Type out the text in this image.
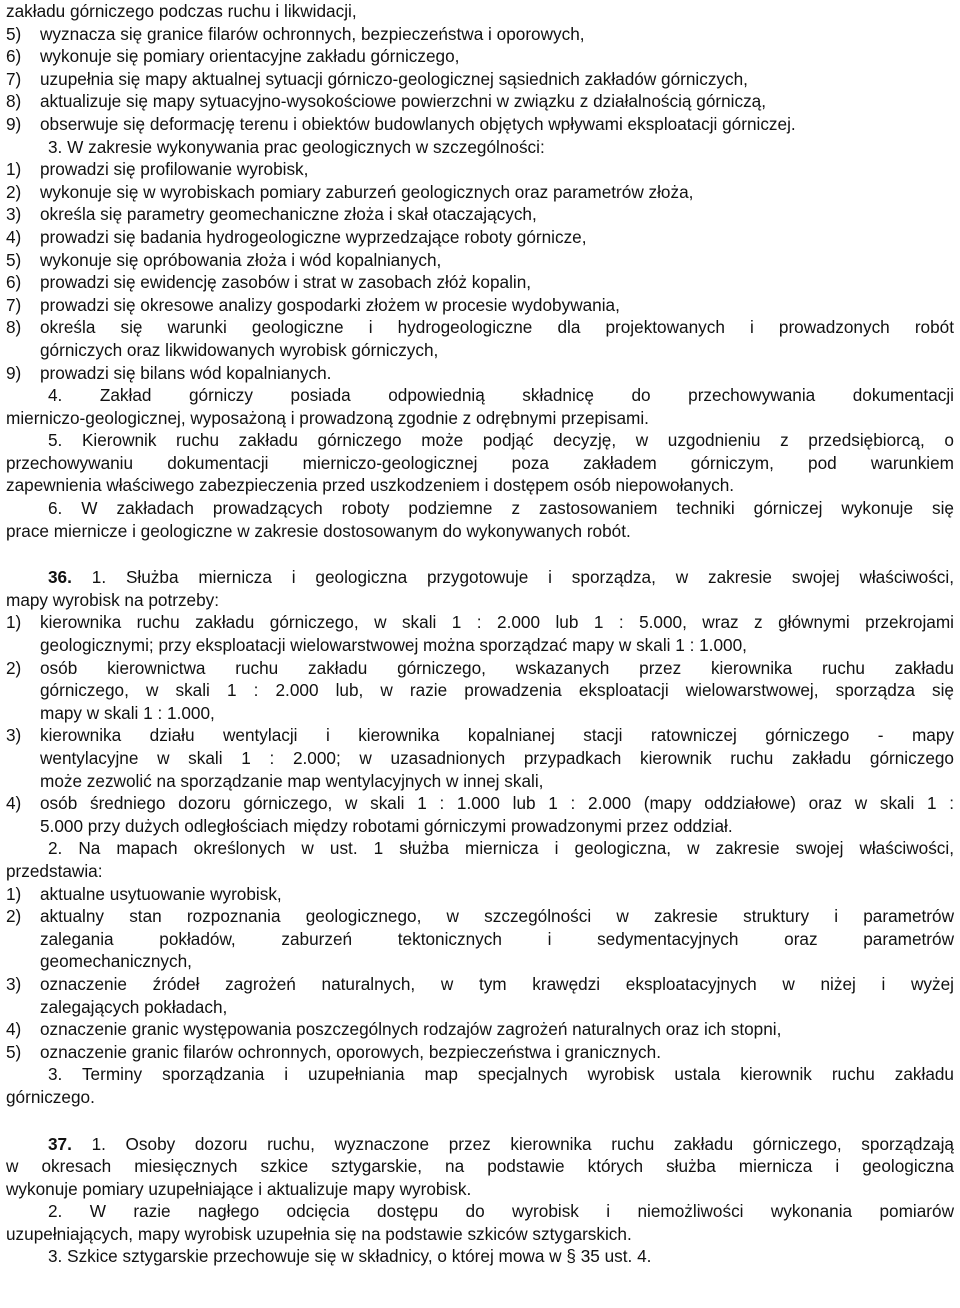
zakładu górniczego podczas ruchu i likwidacji,
5)	wyznacza się granice filarów ochronnych, bezpieczeństwa i oporowych,
6)	wykonuje się pomiary orientacyjne zakładu górniczego,
7)	uzupełnia się mapy aktualnej sytuacji górniczo-geologicznej sąsiednich zakładów górniczych,
8)	aktualizuje się mapy sytuacyjno-wysokościowe powierzchni w związku z działalnością górniczą,
9)	obserwuje się deformację terenu i obiektów budowlanych objętych wpływami eksploatacji górniczej.
3. W zakresie wykonywania prac geologicznych w szczególności:
1)	prowadzi się profilowanie wyrobisk,
2)	wykonuje się w wyrobiskach pomiary zaburzeń geologicznych oraz parametrów złoża,
3)	określa się parametry geomechaniczne złoża i skał otaczających,
4)	prowadzi się badania hydrogeologiczne wyprzedzające roboty górnicze,
5)	wykonuje się opróbowania złoża i wód kopalnianych,
6)	prowadzi się ewidencję zasobów i strat w zasobach złóż kopalin,
7)	prowadzi się okresowe analizy gospodarki złożem w procesie wydobywania,
8)	określa się warunki geologiczne i hydrogeologiczne dla projektowanych i prowadzonych robót
górniczych oraz likwidowanych wyrobisk górniczych,
9)	prowadzi się bilans wód kopalnianych.
4. Zakład górniczy posiada odpowiednią składnicę do przechowywania dokumentacji
mierniczo-geologicznej, wyposażoną i prowadzoną zgodnie z odrębnymi przepisami.
5. Kierownik ruchu zakładu górniczego może podjąć decyzję, w uzgodnieniu z przedsiębiorcą, o
przechowywaniu dokumentacji mierniczo-geologicznej poza zakładem górniczym, pod warunkiem
zapewnienia właściwego zabezpieczenia przed uszkodzeniem i dostępem osób niepowołanych.
6. W zakładach prowadzących roboty podziemne z zastosowaniem techniki górniczej wykonuje się
prace miernicze i geologiczne w zakresie dostosowanym do wykonywanych robót.
36. 1. Służba miernicza i geologiczna przygotowuje i sporządza, w zakresie swojej właściwości,
mapy wyrobisk na potrzeby:
1)	kierownika ruchu zakładu górniczego, w skali 1 : 2.000 lub 1 : 5.000, wraz z głównymi przekrojami
geologicznymi; przy eksploatacji wielowarstwowej można sporządzać mapy w skali 1 : 1.000,
2)	osób kierownictwa ruchu zakładu górniczego, wskazanych przez kierownika ruchu zakładu
górniczego, w skali 1 : 2.000 lub, w razie prowadzenia eksploatacji wielowarstwowej, sporządza się
mapy w skali 1 : 1.000,
3)	kierownika działu wentylacji i kierownika kopalnianej stacji ratowniczej górniczego - mapy
wentylacyjne w skali 1 : 2.000; w uzasadnionych przypadkach kierownik ruchu zakładu górniczego
może zezwolić na sporządzanie map wentylacyjnych w innej skali,
4)	osób średniego dozoru górniczego, w skali 1 : 1.000 lub 1 : 2.000 (mapy oddziałowe) oraz w skali 1 :
5.000 przy dużych odległościach między robotami górniczymi prowadzonymi przez oddział.
2. Na mapach określonych w ust. 1 służba miernicza i geologiczna, w zakresie swojej właściwości,
przedstawia:
1)	aktualne usytuowanie wyrobisk,
2)	aktualny stan rozpoznania geologicznego, w szczególności w zakresie struktury i parametrów
zalegania pokładów, zaburzeń tektonicznych i sedymentacyjnych oraz parametrów
geomechanicznych,
3)	oznaczenie źródeł zagrożeń naturalnych, w tym krawędzi eksploatacyjnych w niżej i wyżej
zalegających pokładach,
4)	oznaczenie granic występowania poszczególnych rodzajów zagrożeń naturalnych oraz ich stopni,
5)	oznaczenie granic filarów ochronnych, oporowych, bezpieczeństwa i granicznych.
3. Terminy sporządzania i uzupełniania map specjalnych wyrobisk ustala kierownik ruchu zakładu
górniczego.
37. 1. Osoby dozoru ruchu, wyznaczone przez kierownika ruchu zakładu górniczego, sporządzają
w okresach miesięcznych szkice sztygarskie, na podstawie których służba miernicza i geologiczna
wykonuje pomiary uzupełniające i aktualizuje mapy wyrobisk.
2. W razie nagłego odcięcia dostępu do wyrobisk i niemożliwości wykonania pomiarów
uzupełniających, mapy wyrobisk uzupełnia się na podstawie szkiców sztygarskich.
3. Szkice sztygarskie przechowuje się w składnicy, o której mowa w § 35 ust. 4.
